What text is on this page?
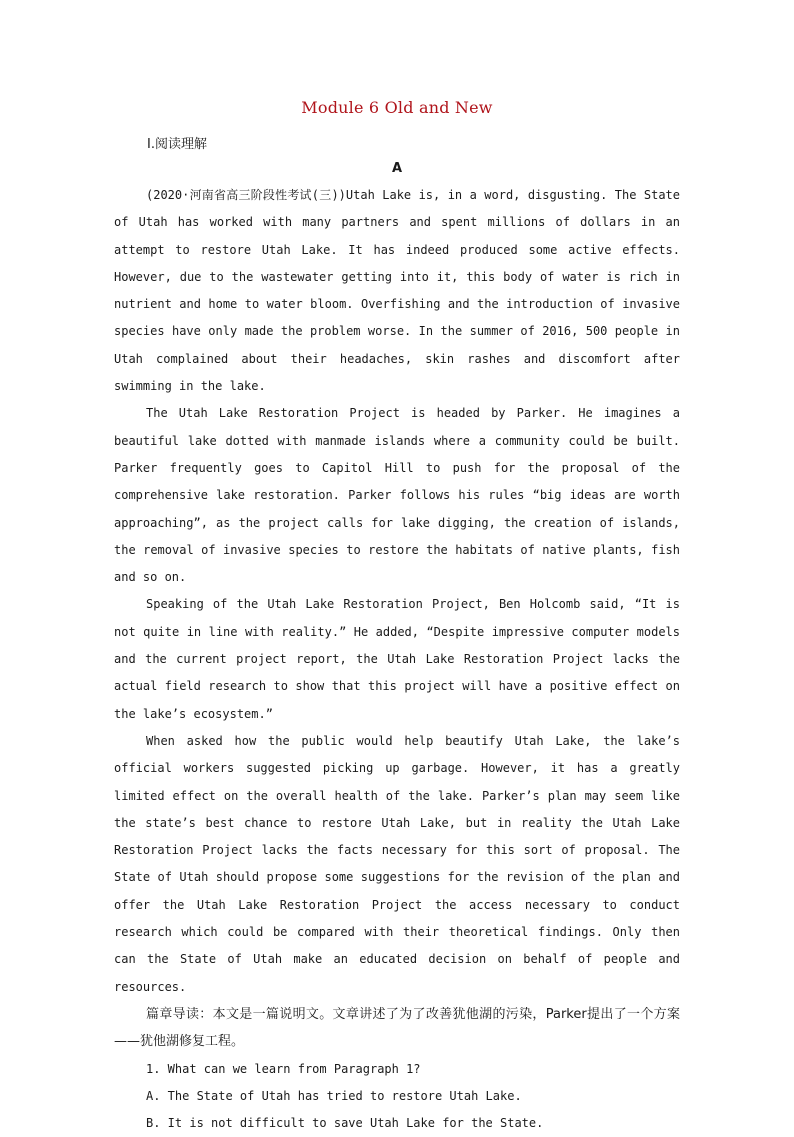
Module 6 Old and New
Ⅰ.阅读理解
A

(2020·河南省高三阶段性考试(三))Utah Lake is, in a word, disgusting. The State of Utah has worked with many partners and spent millions of dollars in an attempt to restore Utah Lake. It has indeed produced some active effects. However, due to the wastewater getting into it, this body of water is rich in nutrient and home to water bloom. Overfishing and the introduction of invasive species have only made the problem worse. In the summer of 2016, 500 people in Utah complained about their headaches, skin rashes and discomfort after swimming in the lake.

The Utah Lake Restoration Project is headed by Parker. He imagines a beautiful lake dotted with manmade islands where a community could be built. Parker frequently goes to Capitol Hill to push for the proposal of the comprehensive lake restoration. Parker follows his rules “big ideas are worth approaching”, as the project calls for lake digging, the creation of islands, the removal of invasive species to restore the habitats of native plants, fish and so on.

Speaking of the Utah Lake Restoration Project, Ben Holcomb said, “It is not quite in line with reality.” He added, “Despite impressive computer models and the current project report, the Utah Lake Restoration Project lacks the actual field research to show that this project will have a positive effect on the lake’s ecosystem.”

When asked how the public would help beautify Utah Lake, the lake’s official workers suggested picking up garbage. However, it has a greatly limited effect on the overall health of the lake. Parker’s plan may seem like the state’s best chance to restore Utah Lake, but in reality the Utah Lake Restoration Project lacks the facts necessary for this sort of proposal. The State of Utah should propose some suggestions for the revision of the plan and offer the Utah Lake Restoration Project the access necessary to conduct research which could be compared with their theoretical findings. Only then can the State of Utah make an educated decision on behalf of people and resources.

篇章导读：本文是一篇说明文。文章讲述了为了改善犹他湖的污染，Parker提出了一个方案——犹他湖修复工程。

1. What can we learn from Paragraph 1?

A. The State of Utah has tried to restore Utah Lake.

B. It is not difficult to save Utah Lake for the State.
